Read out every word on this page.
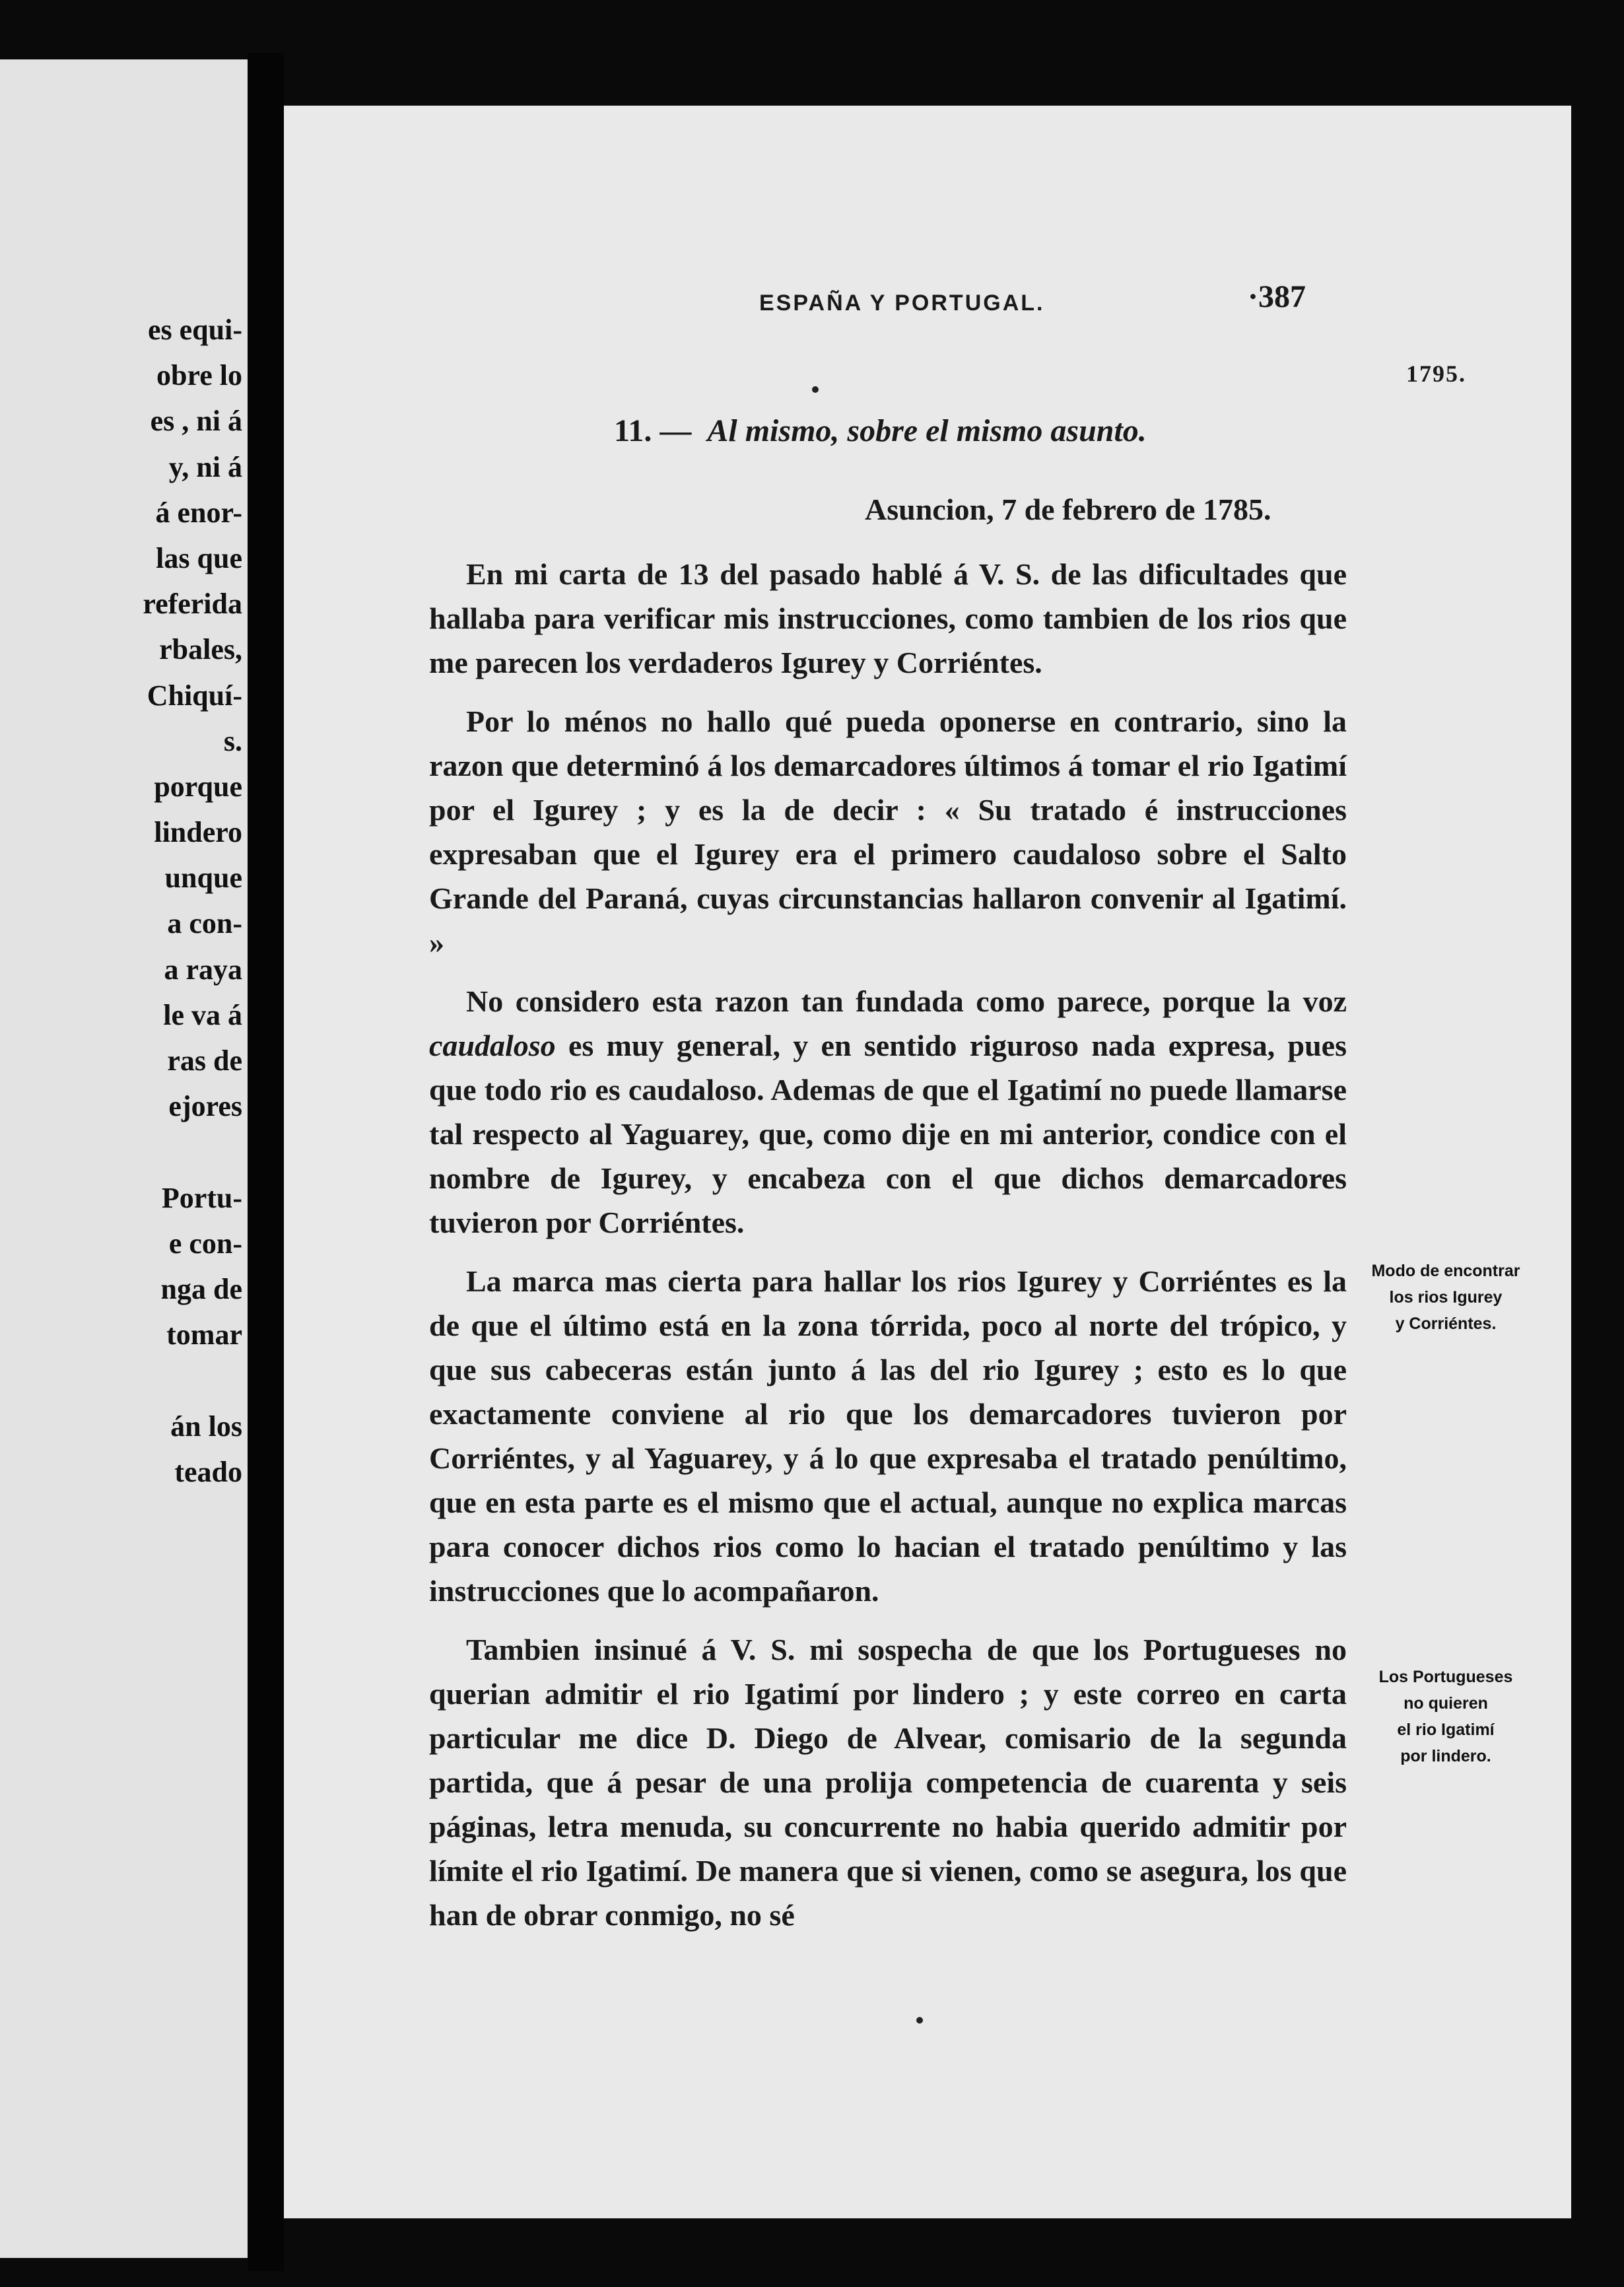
es equi-
obre lo
es , ni á
y, ni á
á enor-
las que
referida
rbales,
Chiquí-
s.
porque
lindero
unque
a con-
a raya
le va á
ras de
ejores
Portu-
e con-
nga de
tomar
án los
teado
ESPAÑA Y PORTUGAL.	·387
1795.
11. — Al mismo, sobre el mismo asunto.
Asuncion, 7 de febrero de 1785.

En mi carta de 13 del pasado hablé á V. S. de las dificultades que hallaba para verificar mis instrucciones, como tambien de los rios que me parecen los verdaderos Igurey y Corriéntes.

Por lo ménos no hallo qué pueda oponerse en contrario, sino la razon que determinó á los demarcadores últimos á tomar el rio Igatimí por el Igurey ; y es la de decir : « Su tratado é instrucciones expresaban que el Igurey era el primero caudaloso sobre el Salto Grande del Paraná, cuyas circunstancias hallaron convenir al Igatimí. »

No considero esta razon tan fundada como parece, porque la voz caudaloso es muy general, y en sentido riguroso nada expresa, pues que todo rio es caudaloso. Ademas de que el Igatimí no puede llamarse tal respecto al Yaguarey, que, como dije en mi anterior, condice con el nombre de Igurey, y encabeza con el que dichos demarcadores tuvieron por Corriéntes.

La marca mas cierta para hallar los rios Igurey y Corriéntes es la de que el último está en la zona tórrida, poco al norte del trópico, y que sus cabeceras están junto á las del rio Igurey ; esto es lo que exactamente conviene al rio que los demarcadores tuvieron por Corriéntes, y al Yaguarey, y á lo que expresaba el tratado penúltimo, que en esta parte es el mismo que el actual, aunque no explica marcas para conocer dichos rios como lo hacian el tratado penúltimo y las instrucciones que lo acompañaron.

Tambien insinué á V. S. mi sospecha de que los Portugueses no querian admitir el rio Igatimí por lindero ; y este correo en carta particular me dice D. Diego de Alvear, comisario de la segunda partida, que á pesar de una prolija competencia de cuarenta y seis páginas, letra menuda, su concurrente no habia querido admitir por límite el rio Igatimí. De manera que si vienen, como se asegura, los que han de obrar conmigo, no sé

Modo de encontrar
los rios Igurey
y Corriéntes.
Los Portugueses
no quieren
el rio Igatimí
por lindero.
